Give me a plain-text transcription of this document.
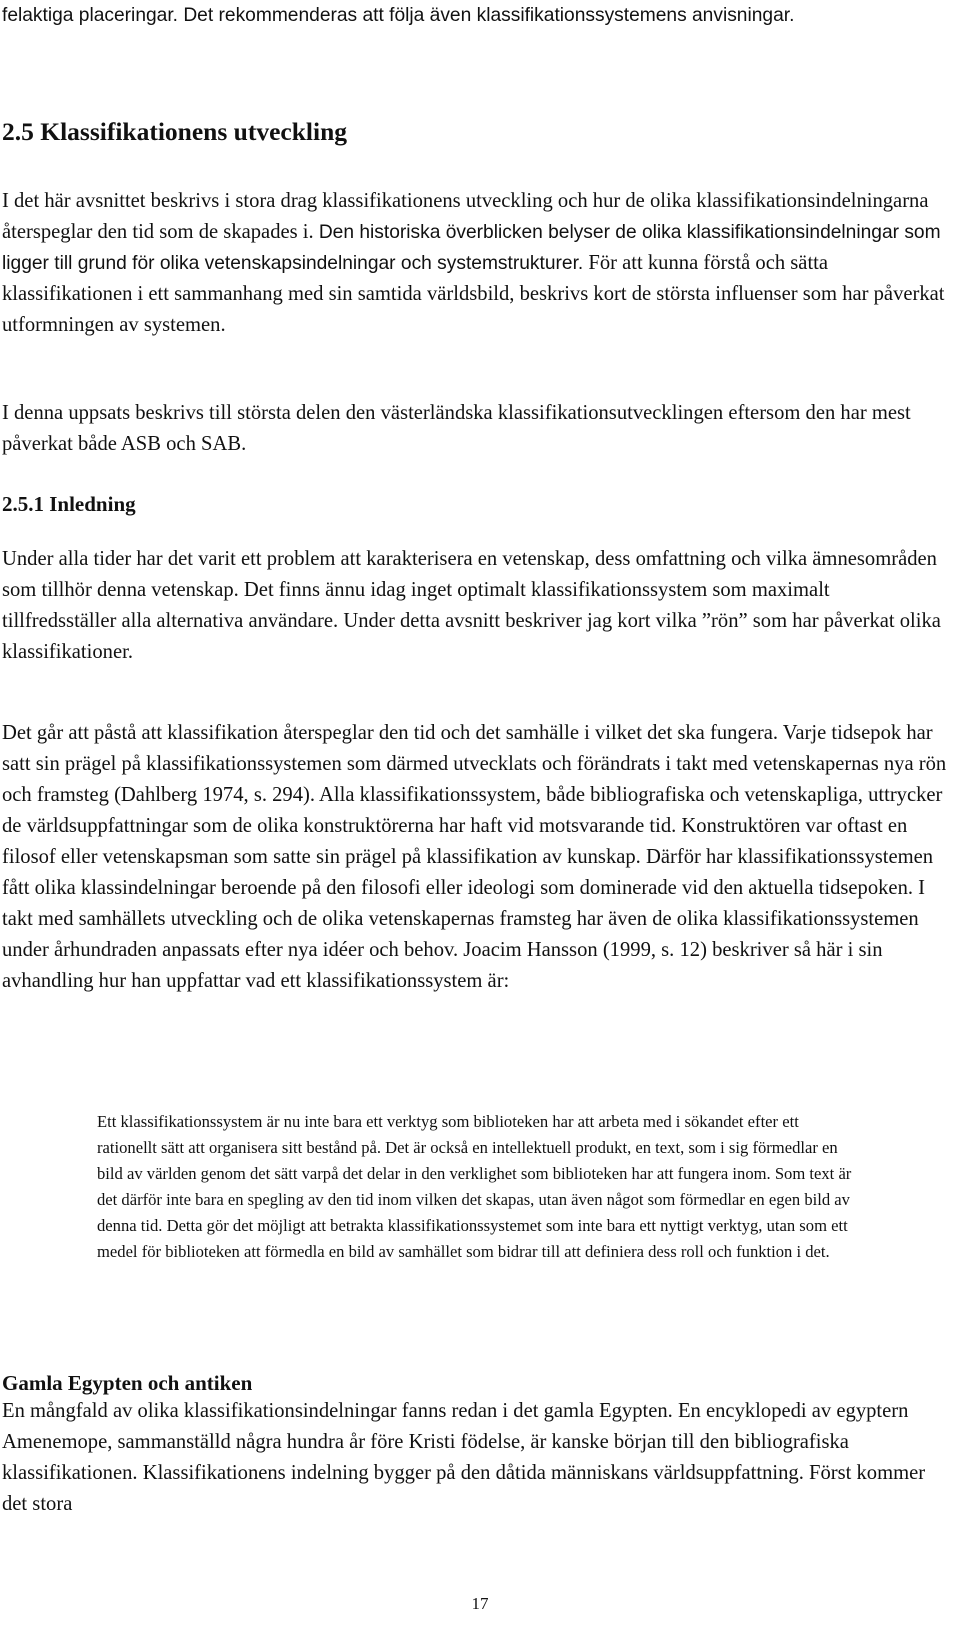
felaktiga placeringar. Det rekommenderas att följa även klassifikationssystemens anvisningar.

2.5 Klassifikationens utveckling

I det här avsnittet beskrivs i stora drag klassifikationens utveckling och hur de olika klassifikationsindelningarna återspeglar den tid som de skapades i. Den historiska överblicken belyser de olika klassifikationsindelningar som ligger till grund för olika vetenskapsindelningar och systemstrukturer. För att kunna förstå och sätta klassifikationen i ett sammanhang med sin samtida världsbild, beskrivs kort de största influenser som har påverkat utformningen av systemen.

I denna uppsats beskrivs till största delen den västerländska klassifikationsutvecklingen eftersom den har mest påverkat både ASB och SAB.

2.5.1 Inledning

Under alla tider har det varit ett problem att karakterisera en vetenskap, dess omfattning och vilka ämnesområden som tillhör denna vetenskap. Det finns ännu idag inget optimalt klassifikationssystem som maximalt tillfredsställer alla alternativa användare. Under detta avsnitt beskriver jag kort vilka ”rön” som har påverkat olika klassifikationer.

Det går att påstå att klassifikation återspeglar den tid och det samhälle i vilket det ska fungera. Varje tidsepok har satt sin prägel på klassifikationssystemen som därmed utvecklats och förändrats i takt med vetenskapernas nya rön och framsteg (Dahlberg 1974, s. 294). Alla klassifikationssystem, både bibliografiska och vetenskapliga, uttrycker de världsuppfattningar som de olika konstruktörerna har haft vid motsvarande tid. Konstruktören var oftast en filosof eller vetenskapsman som satte sin prägel på klassifikation av kunskap. Därför har klassifikationssystemen fått olika klassindelningar beroende på den filosofi eller ideologi som dominerade vid den aktuella tidsepoken. I takt med samhällets utveckling och de olika vetenskapernas framsteg har även de olika klassifikationssystemen under århundraden anpassats efter nya idéer och behov. Joacim Hansson (1999, s. 12) beskriver så här i sin avhandling hur han uppfattar vad ett klassifikationssystem är:

Ett klassifikationssystem är nu inte bara ett verktyg som biblioteken har att arbeta med i sökandet efter ett rationellt sätt att organisera sitt bestånd på. Det är också en intellektuell produkt, en text, som i sig förmedlar en bild av världen genom det sätt varpå det delar in den verklighet som biblioteken har att fungera inom. Som text är det därför inte bara en spegling av den tid inom vilken det skapas, utan även något som förmedlar en egen bild av denna tid. Detta gör det möjligt att betrakta klassifikationssystemet som inte bara ett nyttigt verktyg, utan som ett medel för biblioteken att förmedla en bild av samhället som bidrar till att definiera dess roll och funktion i det.

Gamla Egypten och antiken

En mångfald av olika klassifikationsindelningar fanns redan i det gamla Egypten. En encyklopedi av egyptern Amenemope, sammanställd några hundra år före Kristi födelse, är kanske början till den bibliografiska klassifikationen. Klassifikationens indelning bygger på den dåtida människans världsuppfattning. Först kommer det stora

17
